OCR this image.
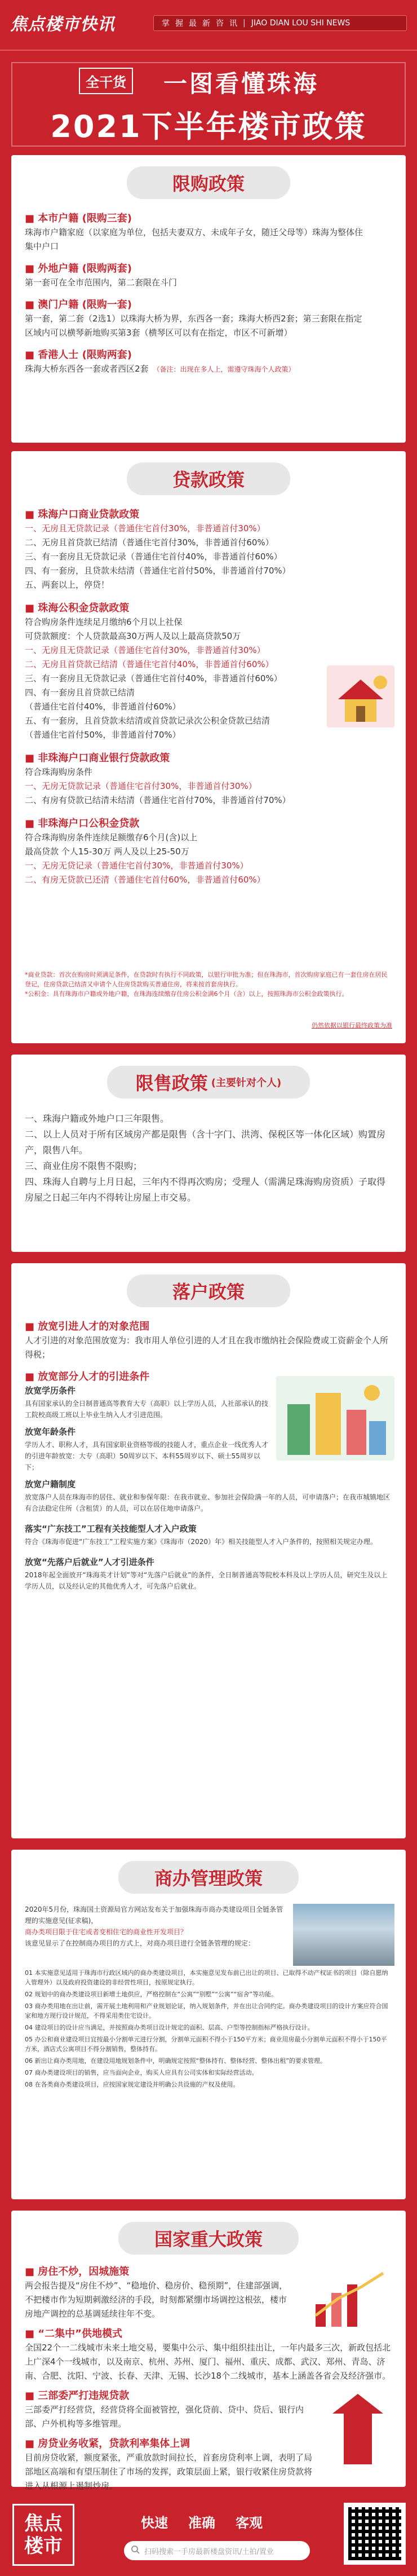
焦点楼市快讯	掌 握 最 新 咨 讯 | JIAO DIAN LOU SHI NEWS
全干货 一图看懂珠海
2021下半年楼市政策
限购政策
■ 本市户籍 (限购三套)
珠海市户籍家庭（以家庭为单位，包括夫妻双方、未成年子女，随迁父母等）珠海为整体住集中户口
■ 外地户籍 (限购两套)
第一套可在全市范围内，第二套限在斗门
■ 澳门户籍 (限购一套)
第一套，第二套（2选1）以珠海大桥为界，东西各一套；珠海大桥西2套；第三套限在指定区域内可以横琴新地购买第3套（横琴区可以有在指定，市区不可新增）
■ 香港人士 (限购两套)
珠海大桥东西各一套或者西区2套 （备注：出现在多人上，需遵守珠海个人政策）
贷款政策
■ 珠海户口商业贷款政策
一、无房且无贷款记录（普通住宅首付30%，非普通首付30%）
二、无房且首贷款已结清（普通住宅首付30%，非普通首付60%）
三、有一套房且无贷款记录（普通住宅首付40%，非普通首付60%）
四、有一套房，且贷款未结清（普通住宅首付50%，非普通首付70%）
五、两套以上，停贷！
■ 珠海公积金贷款政策
符合购房条件连续足月缴纳6个月以上社保
可贷款额度：个人贷款最高30万两人及以上最高贷款50万
一、无房且无贷款记录（普通住宅首付30%，非普通首付30%）
二、无房且首贷款已结清（普通住宅首付40%，非普通首付60%）
三、有一套房且无贷款记录（普通住宅首付40%，非普通首付60%）
四、有一套房且首贷款已结清
（普通住宅首付40%，非普通首付60%）
五、有一套房，且首贷款未结清或首贷款记录次公积金贷款已结清
（普通住宅首付50%，非普通首付70%）
■ 非珠海户口商业银行贷款政策
符合珠海购房条件
一、无房无贷款记录（普通住宅首付30%，非普通首付30%）
二、有房有贷款已结清未结清（普通住宅首付70%，非普通首付70%）
■ 非珠海户口公积金贷款
符合珠海购房条件连续足额缴存6个月(含)以上
最高贷款 个人15-30万 两人及以上25-50万
一、无房无贷记录（普通住宅首付30%，非普通首付30%）
二、有房无贷款已还清（普通住宅首付60%，非普通首付60%）
*商业贷款：首次在购房时须满足条件，在贷款时有执行不同政策，以银行审批为准；但在珠海市，首次购房家庭已有一套住房在居民登记，住房贷款已结清又申请个人住房贷款购买普通住房，将来按首套房执行。
*公积金：具有珠海市户籍或外地户籍，在珠海连续缴存住房公积金满6个月（含）以上，按照珠海市公积金政策执行。
仍然依据以银行最终政策为准
限售政策 (主要针对个人)
一、珠海户籍或外地户口三年限售。
二、以上人员对于所有区域房产都是限售（含十字门、洪湾、保税区等一体化区域）购置房产，限售八年。
三、商业住房不限售不限购；
四、珠海人自聘与上月日起，三年内不得再次购房；受理人（需满足珠海购房资质）子取得房屋之日起三年内不得转让房屋上市交易。
落户政策
■ 放宽引进人才的对象范围
人才引进的对象范围放宽为：我市用人单位引进的人才且在我市缴纳社会保险费或工资薪金个人所得税；
■ 放宽部分人才的引进条件
放宽学历条件
具有国家承认的全日制普通高等教育大专（高职）以上学历人员，人社部承认的技工院校高级工班以上毕业生纳入人才引进范围。
放宽年龄条件
学历人才、职称人才，具有国家职业资格等级的技能人才，重点企业一线优秀人才的引进年龄放宽：大专（高职）50周岁以下、本科55周岁以下、硕士55周岁以下；
放宽户籍制度
放宽落户人员在珠海市的居住、就业和参保年限：在我市就业、参加社会保险满一年的人员，可申请落户；在我市城镇地区有合法稳定住所（含租赁）的人员，可以在居住地申请落户。
落实“广东技工”工程有关技能型人才入户政策
符合《珠海市促进“广东技工”工程实施方案》《珠海市（2020）年》相关技能型人才入户条件的，按照相关规定办理。
放宽“先落户后就业”人才引进条件
2018年起全面放开“珠海英才计划”等对“先落户后就业”的条件，全日制普通高等院校本科及以上学历人员，研究生及以上学历人员，以及经认定的其他优秀人才，可先落户后就业。
商办管理政策
2020年5月份，珠海国土资源局官方网站发布关于加强珠海市商办类建设项目全链条管理的实施意见(征求稿)，
商办类项目限于住宅或者变相住宅的商业性开发项目？
该意见显示了在控制商办项目的方式上，对商办项目进行全链条管理的规定：
01 本实施意见适用于珠海市行政区域内的商办类建设项目，本实施意见发布前已出让的项目、已取得不动产权证书的项目（除自愿纳入管理外）以及政府投资建设的非经营性项目，按原规定执行。
02 规划中的商办类建设项目新增土地供应，严格控制在“公寓”“别墅”“公寓”“宿舍”等功能。
03 商办类用地在出让前，需开展土地利用和产业规划论证，纳入规划条件，并在出让合同约定。商办类建设项目的设计方案应符合国家和地方现行设计规范，不得采用类住宅设计。
04 建设项目的设计应当满足，并按照商办类项目设计规定的面积、层高、户型等控制指标严格执行设计。
05 办公和商业建设项目宜按最小分割单元进行分割，分割单元面积不得小于150平方米；商业用房最小分割单元面积不得小于150平方米，酒店式公寓项目不得分割销售，整体持有。
06 新出让商办类用地，在建设用地规划条件中，明确规定按照“整体持有、整体经营、整体出租”的要求管理。
07 商办类建设项目的销售，应当面向企业，购买人应具有公司实体和实际经营活动。
08 在各类商办类建设项目，应按国家规定建设并明确公共设施的产权及使用。
国家重大政策
■ 房住不炒，因城施策
两会报告提及“房住不炒”、“稳地价、稳房价、稳预期”，住建部强调，不把楼市作为短期刺激经济的手段，时刻都紧绷市场调控这根弦，楼市房地产调控的总基调延续往年不变。
■ “二集中”供地模式
全国22个一二线城市未来土地交易，要集中公示、集中组织挂出让，一年内最多三次，新政包括北上广深4个一线城市，以及南京、杭州、苏州、厦门、福州、重庆、成都、武汉、郑州、青岛、济南、合肥、沈阳、宁波、长春、天津、无锡、长沙18个二线城市，基本上涵盖各省会及经济强市。
■ 三部委严打违规贷款
三部委严打经营贷，经营贷将全面被管控，强化贷前、贷中、贷后、银行内部、户外机构等多维管理。
■ 房贷业务收紧，贷款利率集体上调
目前房贷收紧，额度紧张，严重放款时间拉长，首套房贷利率上调，表明了局部地区高端和有望压制住了市场的发挥，政策层面上紧，银行收紧住房贷款将进入从根源上遏制炒房。
焦点
楼市
快速 准确 客观
扫码搜索一手房最新楼盘资讯/土拍/置业
